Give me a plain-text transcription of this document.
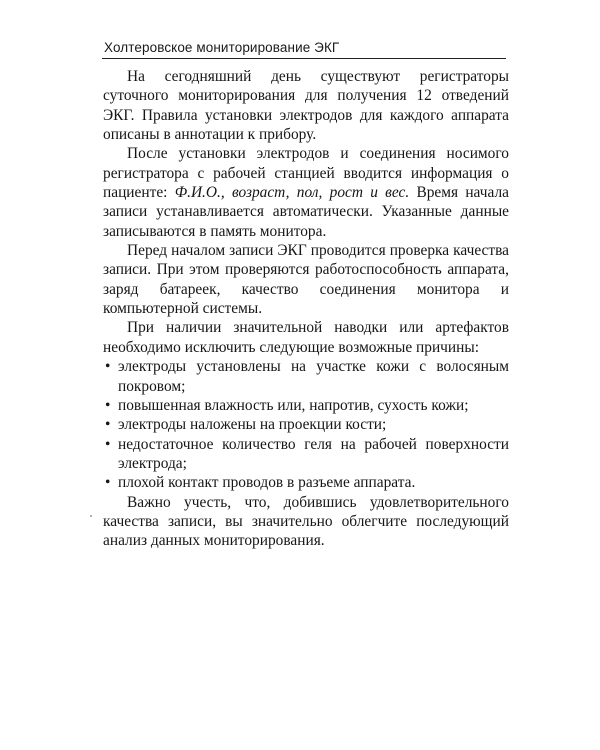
Холтеровское мониторирование ЭКГ

На сегодняшний день существуют регистраторы суточного мониторирования для получения 12 отведений ЭКГ. Правила установки электродов для каждого аппарата описаны в аннотации к прибору.

После установки электродов и соединения носимого регистратора с рабочей станцией вводится информация о пациенте: Ф.И.О., возраст, пол, рост и вес. Время начала записи устанавливается автоматически. Указанные данные записываются в память монитора.

Перед началом записи ЭКГ проводится проверка качества записи. При этом проверяются работоспособность аппарата, заряд батареек, качество соединения монитора и компьютерной системы.

При наличии значительной наводки или артефактов необходимо исключить следующие возможные причины:

• электроды установлены на участке кожи с волосяным покровом;
• повышенная влажность или, напротив, сухость кожи;
• электроды наложены на проекции кости;
• недостаточное количество геля на рабочей поверхности электрода;
• плохой контакт проводов в разъеме аппарата.

Важно учесть, что, добившись удовлетворительного качества записи, вы значительно облегчите последующий анализ данных мониторирования.
